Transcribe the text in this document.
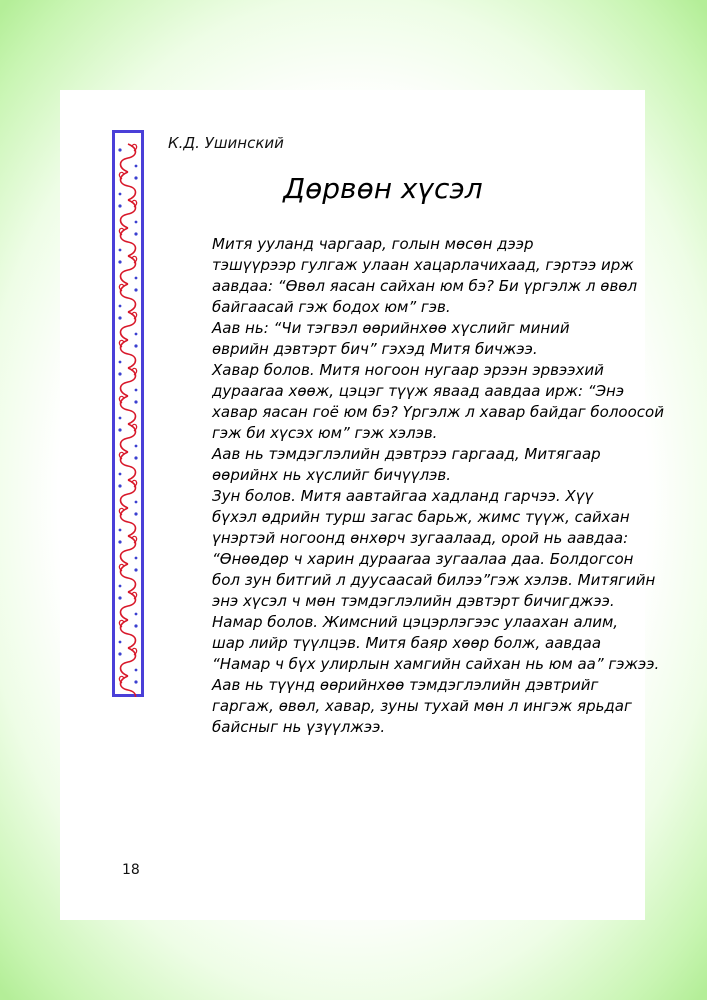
К.Д. Ушинский
Дөрвөн хүсэл

Митя ууланд чаргаар, голын мөсөн дээр
тэшүүрээр гулгаж улаан хацарлачихаад, гэртээ ирж
аавдаа: “Өвөл яасан сайхан юм бэ? Би үргэлж л өвөл
байгаасай гэж бодох юм” гэв.

Аав нь: “Чи тэгвэл өөрийнхөө хүслийг миний
өврийн дэвтэрт бич” гэхэд Митя бичжээ.

Хавар болов. Митя ногоон нугаар эрээн эрвээхий
дурааraa хөөж, цэцэг түүж яваад аавдаа ирж: “Энэ
хавар яасан гоё юм бэ? Үргэлж л хавар байдаг болоосой
гэж би хүсэх юм” гэж хэлэв.

Аав нь тэмдэглэлийн дэвтрээ гаргаад, Митягаар
өөрийнх нь хүслийг бичүүлэв.

Зун болов. Митя аавтайгаа хадланд гарчээ. Хүү
бүхэл өдрийн турш загас барьж, жимс түүж, сайхан
үнэртэй ногоонд өнхөрч зугаалаад, орой нь аавдаа:
“Өнөөдөр ч харин дурааraa зугаалаа даа. Болдогсон
бол зун битгий л дуусаасай билээ”гэж хэлэв. Митягийн
энэ хүсэл ч мөн тэмдэглэлийн дэвтэрт бичигджээ.

Намар болов. Жимсний цэцэрлэгээс улаахан алим,
шар лийр түүлцэв. Митя баяр хөөр болж, аавдаа
“Намар ч бүх улирлын хамгийн сайхан нь юм аа” гэжээ.
Аав нь түүнд өөрийнхөө тэмдэглэлийн дэвтрийг
гаргаж, өвөл, хавар, зуны тухай мөн л ингэж ярьдаг
байсныг нь үзүүлжээ.

18
